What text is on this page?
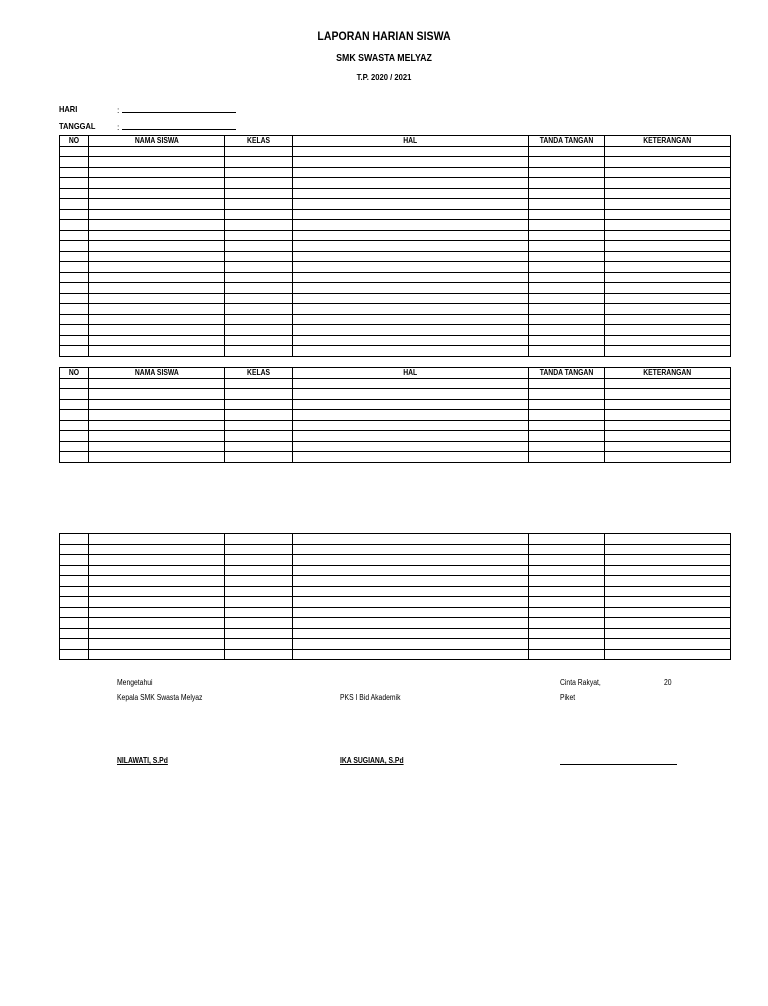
LAPORAN HARIAN SISWA
SMK SWASTA MELYAZ
T.P. 2020 / 2021
HARI	:
TANGGAL	:
NO	NAMA SISWA	KELAS	HAL	TANDA TANGAN	KETERANGAN

NO	NAMA SISWA	KELAS	HAL	TANDA TANGAN	KETERANGAN

Mengetahui	Cinta Rakyat,	20
Kepala SMK Swasta Melyaz	PKS I Bid Akademik	Piket
NILAWATI, S.Pd	IKA SUGIANA, S.Pd
